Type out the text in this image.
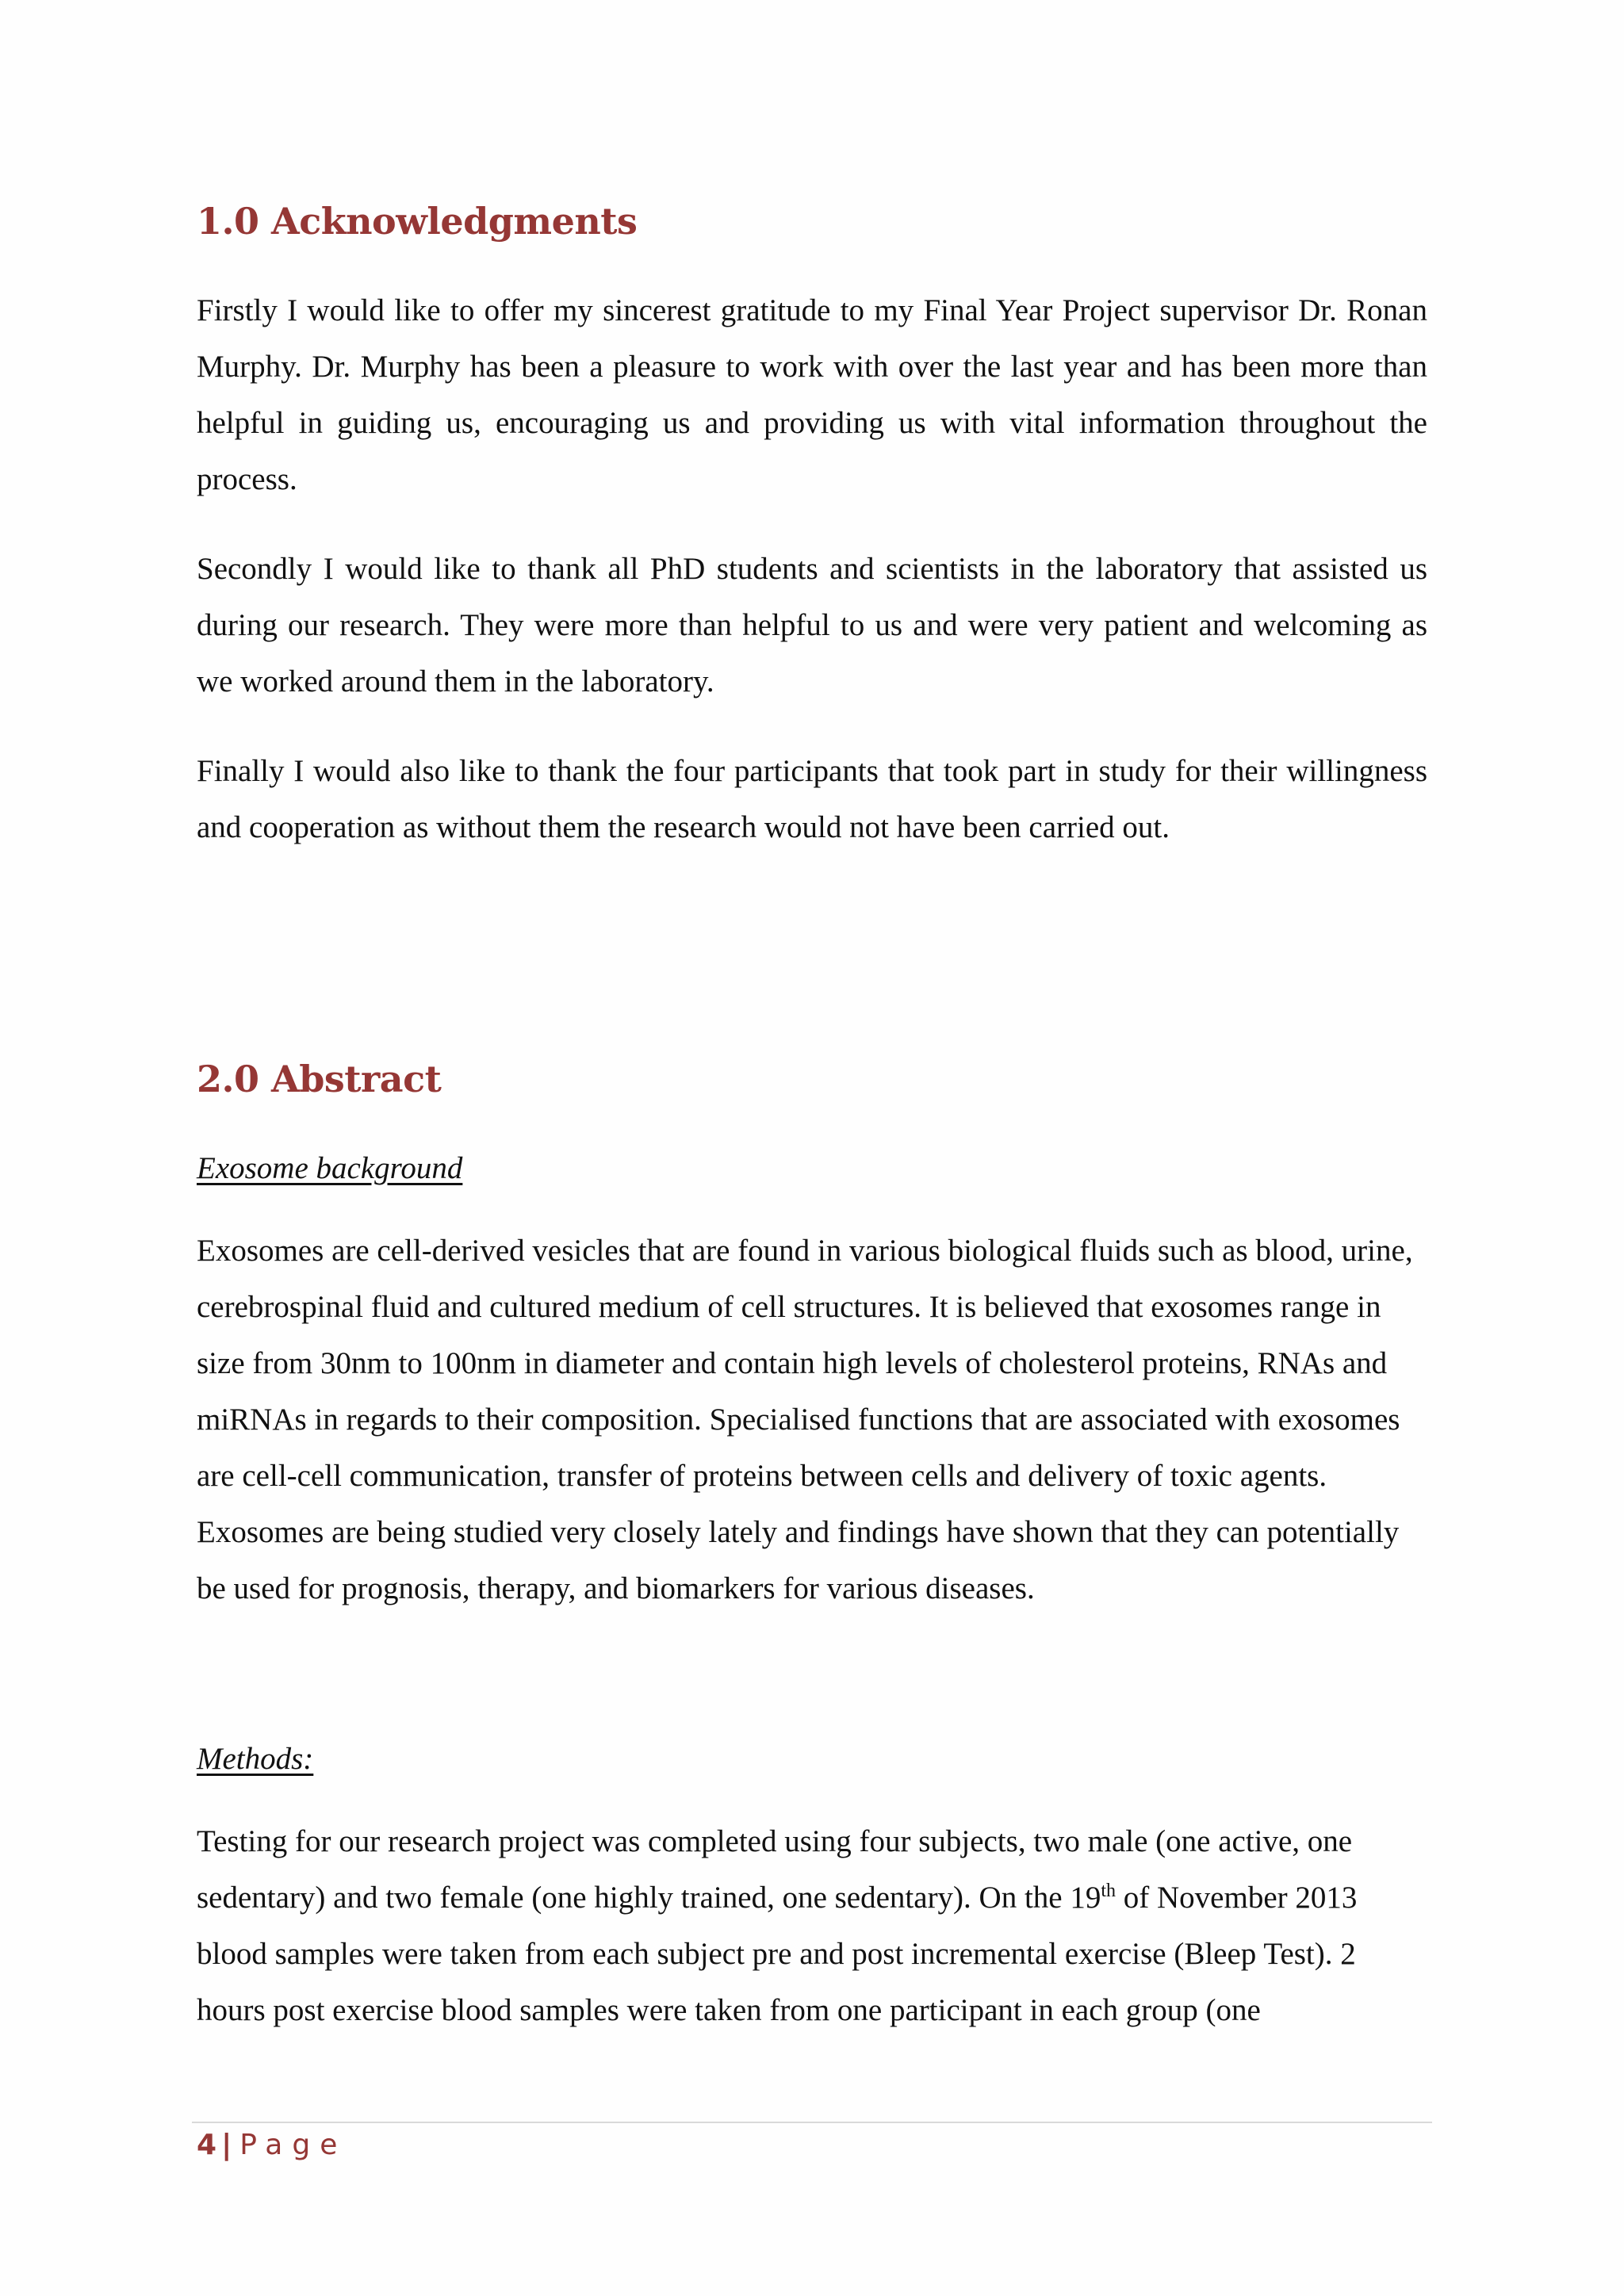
1.0 Acknowledgments

Firstly I would like to offer my sincerest gratitude to my Final Year Project supervisor Dr. Ronan Murphy. Dr. Murphy has been a pleasure to work with over the last year and has been more than helpful in guiding us, encouraging us and providing us with vital information throughout the process.

Secondly I would like to thank all PhD students and scientists in the laboratory that assisted us during our research. They were more than helpful to us and were very patient and welcoming as we worked around them in the laboratory.

Finally I would also like to thank the four participants that took part in study for their willingness and cooperation as without them the research would not have been carried out.

2.0 Abstract

Exosome background

Exosomes are cell-derived vesicles that are found in various biological fluids such as blood, urine, cerebrospinal fluid and cultured medium of cell structures. It is believed that exosomes range in size from 30nm to 100nm in diameter and contain high levels of cholesterol proteins, RNAs and miRNAs in regards to their composition. Specialised functions that are associated with exosomes are cell-cell communication, transfer of proteins between cells and delivery of toxic agents. Exosomes are being studied very closely lately and findings have shown that they can potentially be used for prognosis, therapy, and biomarkers for various diseases.

Methods:

Testing for our research project was completed using four subjects, two male (one active, one sedentary) and two female (one highly trained, one sedentary). On the 19th of November 2013 blood samples were taken from each subject pre and post incremental exercise (Bleep Test). 2 hours post exercise blood samples were taken from one participant in each group (one

4 | Page
